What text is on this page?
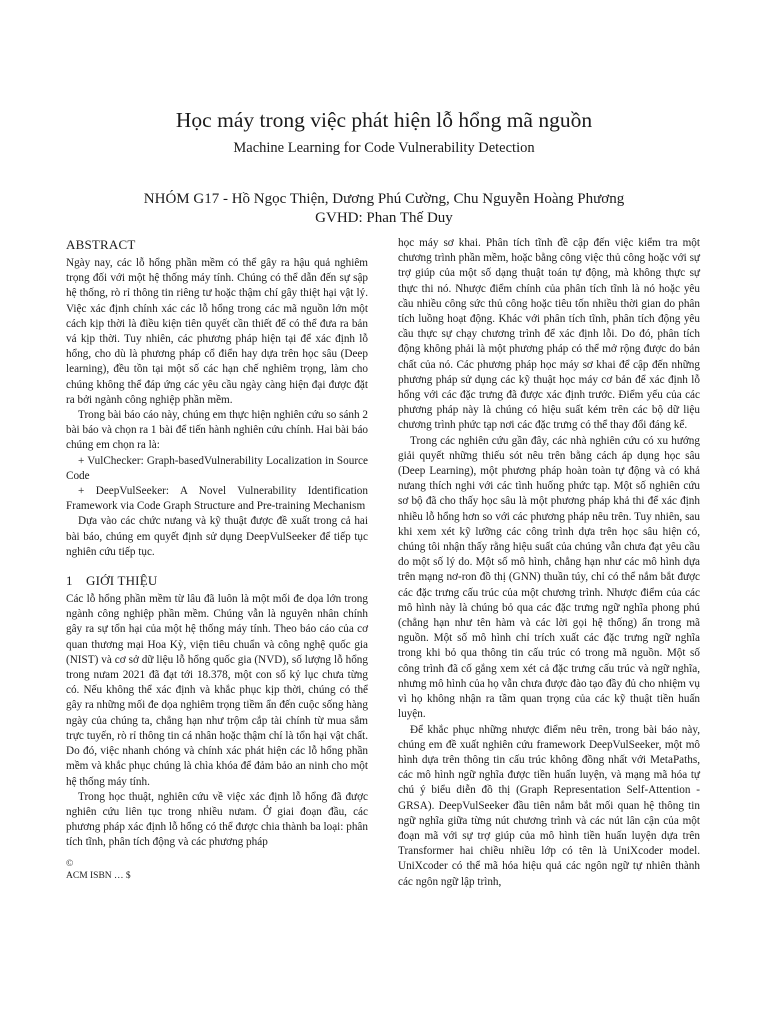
Học máy trong việc phát hiện lỗ hổng mã nguồn
Machine Learning for Code Vulnerability Detection
NHÓM G17 - Hồ Ngọc Thiện, Dương Phú Cường, Chu Nguyễn Hoàng Phương
GVHD: Phan Thế Duy
ABSTRACT

Ngày nay, các lỗ hổng phần mềm có thể gây ra hậu quả nghiêm trọng đối với một hệ thống máy tính. Chúng có thể dẫn đến sự sập hệ thống, rò rỉ thông tin riêng tư hoặc thậm chí gây thiệt hại vật lý. Việc xác định chính xác các lỗ hổng trong các mã nguồn lớn một cách kịp thời là điều kiện tiên quyết cần thiết để có thể đưa ra bản vá kịp thời. Tuy nhiên, các phương pháp hiện tại để xác định lỗ hổng, cho dù là phương pháp cổ điển hay dựa trên học sâu (Deep learning), đều tồn tại một số các hạn chế nghiêm trọng, làm cho chúng không thể đáp ứng các yêu cầu ngày càng hiện đại được đặt ra bởi ngành công nghiệp phần mềm.

Trong bài báo cáo này, chúng em thực hiện nghiên cứu so sánh 2 bài báo và chọn ra 1 bài để tiến hành nghiên cứu chính. Hai bài báo chúng em chọn ra là:

+ VulChecker: Graph-basedVulnerability Localization in Source Code

+ DeepVulSeeker: A Novel Vulnerability Identification Framework via Code Graph Structure and Pre-training Mechanism

Dựa vào các chức nưang và kỹ thuật được đề xuất trong cả hai bài báo, chúng em quyết định sử dụng DeepVulSeeker để tiếp tục nghiên cứu tiếp tục.

1 GIỚI THIỆU

Các lỗ hổng phần mềm từ lâu đã luôn là một mối đe dọa lớn trong ngành công nghiệp phần mềm. Chúng vẫn là nguyên nhân chính gây ra sự tổn hại của một hệ thống máy tính. Theo báo cáo của cơ quan thương mại Hoa Kỳ, viện tiêu chuẩn và công nghệ quốc gia (NIST) và cơ sở dữ liệu lỗ hổng quốc gia (NVD), số lượng lỗ hổng trong nưam 2021 đã đạt tới 18.378, một con số kỷ lục chưa từng có. Nếu không thể xác định và khắc phục kịp thời, chúng có thể gây ra những mối đe dọa nghiêm trọng tiềm ẩn đến cuộc sống hàng ngày của chúng ta, chẳng hạn như trộm cắp tài chính từ mua sắm trực tuyến, rò rỉ thông tin cá nhân hoặc thậm chí là tổn hại vật chất. Do đó, việc nhanh chóng và chính xác phát hiện các lỗ hổng phần mềm và khắc phục chúng là chìa khóa để đảm bảo an ninh cho một hệ thống máy tính.

Trong học thuật, nghiên cứu về việc xác định lỗ hổng đã được nghiên cứu liên tục trong nhiều nưam. Ở giai đoạn đầu, các phương pháp xác định lỗ hổng có thể được chia thành ba loại: phân tích tĩnh, phân tích động và các phương pháp

học máy sơ khai. Phân tích tĩnh đề cập đến việc kiểm tra một chương trình phần mềm, hoặc bằng công việc thủ công hoặc với sự trợ giúp của một số dạng thuật toán tự động, mà không thực sự thực thi nó. Nhược điểm chính của phân tích tĩnh là nó hoặc yêu cầu nhiều công sức thủ công hoặc tiêu tốn nhiều thời gian do phân tích luồng hoạt động. Khác với phân tích tĩnh, phân tích động yêu cầu thực sự chạy chương trình để xác định lỗi. Do đó, phân tích động không phải là một phương pháp có thể mở rộng được do bản chất của nó. Các phương pháp học máy sơ khai để cập đến những phương pháp sử dụng các kỹ thuật học máy cơ bản để xác định lỗ hổng với các đặc trưng đã được xác định trước. Điểm yếu của các phương pháp này là chúng có hiệu suất kém trên các bộ dữ liệu chương trình phức tạp nơi các đặc trưng có thể thay đổi đáng kể.

Trong các nghiên cứu gần đây, các nhà nghiên cứu có xu hướng giải quyết những thiếu sót nêu trên bằng cách áp dụng học sâu (Deep Learning), một phương pháp hoàn toàn tự động và có khả nưang thích nghi với các tình huống phức tạp. Một số nghiên cứu sơ bộ đã cho thấy học sâu là một phương pháp khả thi để xác định nhiều lỗ hổng hơn so với các phương pháp nêu trên. Tuy nhiên, sau khi xem xét kỹ lưỡng các công trình dựa trên học sâu hiện có, chúng tôi nhận thấy rằng hiệu suất của chúng vẫn chưa đạt yêu cầu do một số lý do. Một số mô hình, chẳng hạn như các mô hình dựa trên mạng nơ-ron đồ thị (GNN) thuần túy, chỉ có thể nắm bắt được các đặc trưng cấu trúc của một chương trình. Nhược điểm của các mô hình này là chúng bỏ qua các đặc trưng ngữ nghĩa phong phú (chẳng hạn như tên hàm và các lời gọi hệ thống) ẩn trong mã nguồn. Một số mô hình chỉ trích xuất các đặc trưng ngữ nghĩa trong khi bỏ qua thông tin cấu trúc có trong mã nguồn. Một số công trình đã cố gắng xem xét cả đặc trưng cấu trúc và ngữ nghĩa, nhưng mô hình của họ vẫn chưa được đào tạo đầy đủ cho nhiệm vụ vì họ không nhận ra tầm quan trọng của các kỹ thuật tiền huấn luyện.

Để khắc phục những nhược điểm nêu trên, trong bài báo này, chúng em đề xuất nghiên cứu framework DeepVulSeeker, một mô hình dựa trên thông tin cấu trúc không đồng nhất với MetaPaths, các mô hình ngữ nghĩa được tiền huấn luyện, và mạng mã hóa tự chú ý biểu diễn đồ thị (Graph Representation Self-Attention - GRSA). DeepVulSeeker đầu tiên nắm bắt mối quan hệ thông tin ngữ nghĩa giữa từng nút chương trình và các nút lân cận của một đoạn mã với sự trợ giúp của mô hình tiền huấn luyện dựa trên Transformer hai chiều nhiều lớp có tên là UniXcoder model. UniXcoder có thể mã hóa hiệu quả các ngôn ngữ tự nhiên thành các ngôn ngữ lập trình,

©
ACM ISBN … $
